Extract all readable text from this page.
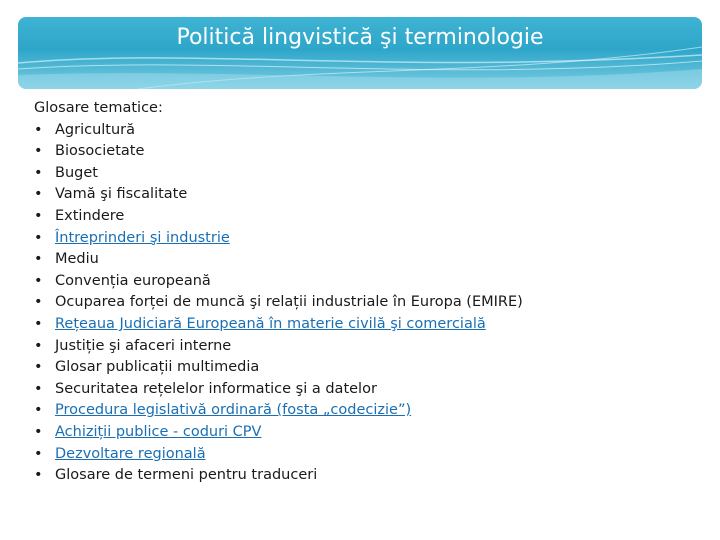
Politică lingvistică şi terminologie

Glosare tematice:

• Agricultură
• Biosocietate
• Buget
• Vamă şi fiscalitate
• Extindere
• Întreprinderi şi industrie
• Mediu
• Convenția europeană
• Ocuparea forței de muncă şi relații industriale în Europa (EMIRE)
• Rețeaua Judiciară Europeană în materie civilă şi comercială
• Justiție şi afaceri interne
• Glosar publicații multimedia
• Securitatea rețelelor informatice şi a datelor
• Procedura legislativă ordinară (fosta „codecizie”)
• Achiziții publice - coduri CPV
• Dezvoltare regională
• Glosare de termeni pentru traduceri
